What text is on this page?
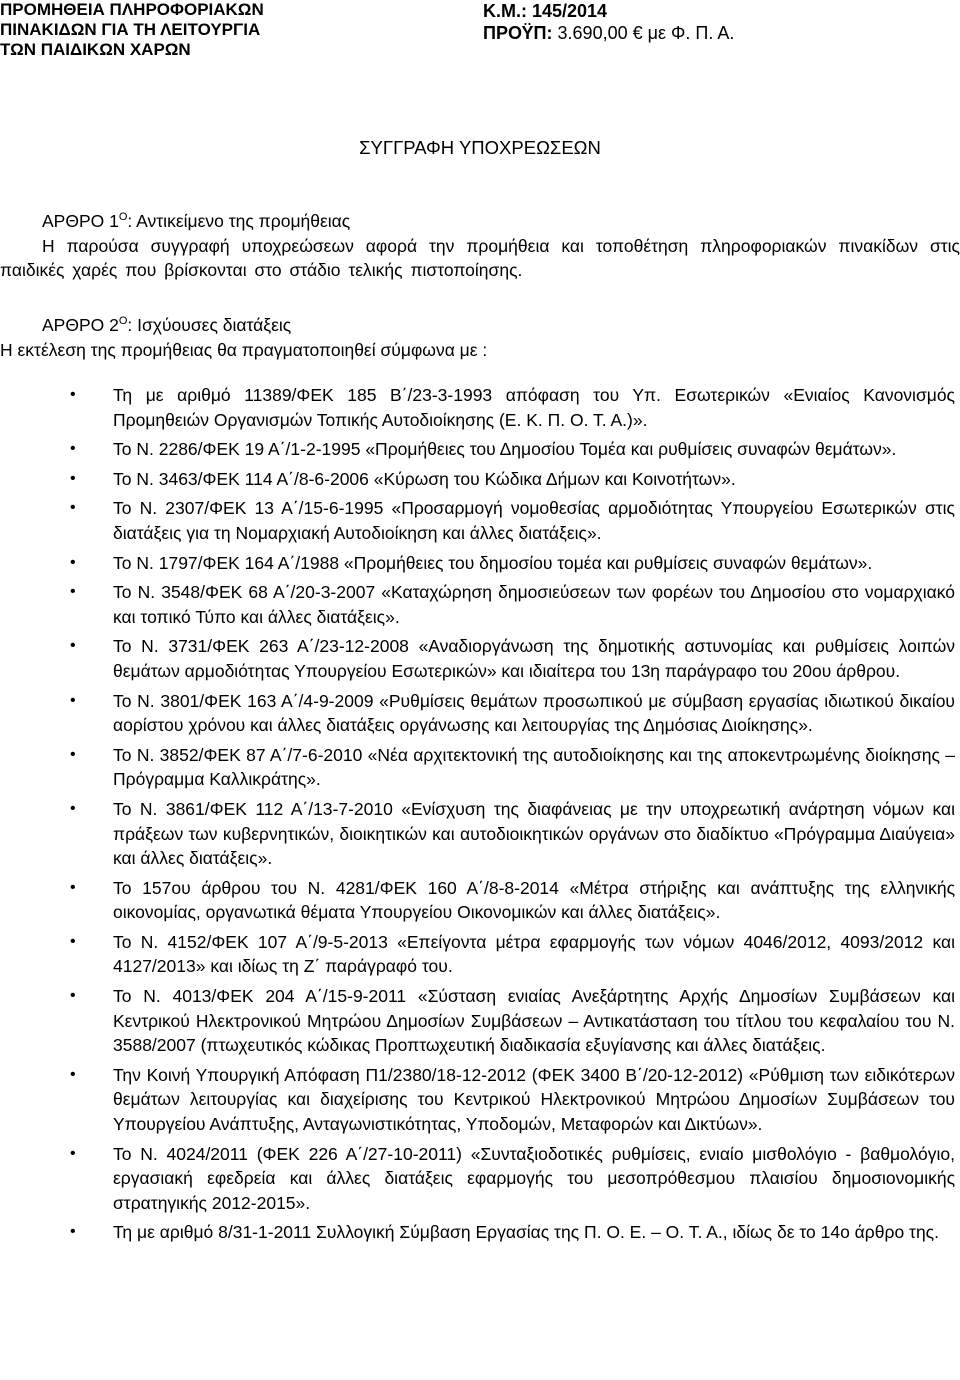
ΠΡΟΜΗΘΕΙΑ ΠΛΗΡΟΦΟΡΙΑΚΩΝ
ΠΙΝΑΚΙΔΩΝ ΓΙΑ ΤΗ ΛΕΙΤΟΥΡΓΙΑ
ΤΩΝ ΠΑΙΔΙΚΩΝ ΧΑΡΩΝ
Κ.Μ.: 145/2014
ΠΡΟΫΠ: 3.690,00 € με Φ. Π. Α.
ΣΥΓΓΡΑΦΗ ΥΠΟΧΡΕΩΣΕΩΝ
ΑΡΘΡΟ $1^O$: Αντικείμενο της προμήθειας
Η παρούσα συγγραφή υποχρεώσεων αφορά την προμήθεια και τοποθέτηση πληροφοριακών πινακίδων στις παιδικές χαρές που βρίσκονται στο στάδιο τελικής πιστοποίησης.
ΑΡΘΡΟ $2^O$: Ισχύουσες διατάξεις
Η εκτέλεση της προμήθειας θα πραγματοποιηθεί σύμφωνα με :
• Τη με αριθμό 11389/ΦΕΚ 185 Β΄/23-3-1993 απόφαση του Υπ. Εσωτερικών «Ενιαίος Κανονισμός Προμηθειών Οργανισμών Τοπικής Αυτοδιοίκησης (Ε. Κ. Π. Ο. Τ. Α.)».
• Το Ν. 2286/ΦΕΚ 19 Α΄/1-2-1995 «Προμήθειες του Δημοσίου Τομέα και ρυθμίσεις συναφών θεμάτων».
• Το Ν. 3463/ΦΕΚ 114 Α΄/8-6-2006 «Κύρωση του Κώδικα Δήμων και Κοινοτήτων».
• Το Ν. 2307/ΦΕΚ 13 Α΄/15-6-1995 «Προσαρμογή νομοθεσίας αρμοδιότητας Υπουργείου Εσωτερικών στις διατάξεις για τη Νομαρχιακή Αυτοδιοίκηση και άλλες διατάξεις».
• Το Ν. 1797/ΦΕΚ 164 Α΄/1988 «Προμήθειες του δημοσίου τομέα και ρυθμίσεις συναφών θεμάτων».
• Το Ν. 3548/ΦΕΚ 68 Α΄/20-3-2007 «Καταχώρηση δημοσιεύσεων των φορέων του Δημοσίου στο νομαρχιακό και τοπικό Τύπο και άλλες διατάξεις».
• Το Ν. 3731/ΦΕΚ 263 Α΄/23-12-2008 «Αναδιοργάνωση της δημοτικής αστυνομίας και ρυθμίσεις λοιπών θεμάτων αρμοδιότητας Υπουργείου Εσωτερικών» και ιδιαίτερα του 13η παράγραφο του 20ου άρθρου.
• Το Ν. 3801/ΦΕΚ 163 Α΄/4-9-2009 «Ρυθμίσεις θεμάτων προσωπικού με σύμβαση εργασίας ιδιωτικού δικαίου αορίστου χρόνου και άλλες διατάξεις οργάνωσης και λειτουργίας της Δημόσιας Διοίκησης».
• Το Ν. 3852/ΦΕΚ 87 Α΄/7-6-2010 «Νέα αρχιτεκτονική της αυτοδιοίκησης και της αποκεντρωμένης διοίκησης – Πρόγραμμα Καλλικράτης».
• Το Ν. 3861/ΦΕΚ 112 Α΄/13-7-2010 «Ενίσχυση της διαφάνειας με την υποχρεωτική ανάρτηση νόμων και πράξεων των κυβερνητικών, διοικητικών και αυτοδιοικητικών οργάνων στο διαδίκτυο «Πρόγραμμα Διαύγεια» και άλλες διατάξεις».
• Το 157ου άρθρου του Ν. 4281/ΦΕΚ 160 Α΄/8-8-2014 «Μέτρα στήριξης και ανάπτυξης της ελληνικής οικονομίας, οργανωτικά θέματα Υπουργείου Οικονομικών και άλλες διατάξεις».
• Το Ν. 4152/ΦΕΚ 107 Α΄/9-5-2013 «Επείγοντα μέτρα εφαρμογής των νόμων 4046/2012, 4093/2012 και 4127/2013» και ιδίως τη Ζ΄ παράγραφό του.
• Το Ν. 4013/ΦΕΚ 204 Α΄/15-9-2011 «Σύσταση ενιαίας Ανεξάρτητης Αρχής Δημοσίων Συμβάσεων και Κεντρικού Ηλεκτρονικού Μητρώου Δημοσίων Συμβάσεων – Αντικατάσταση του τίτλου του κεφαλαίου του Ν. 3588/2007 (πτωχευτικός κώδικας Προπτωχευτική διαδικασία εξυγίανσης και άλλες διατάξεις.
• Την Κοινή Υπουργική Απόφαση Π1/2380/18-12-2012 (ΦΕΚ 3400 Β΄/20-12-2012) «Ρύθμιση των ειδικότερων θεμάτων λειτουργίας και διαχείρισης του Κεντρικού Ηλεκτρονικού Μητρώου Δημοσίων Συμβάσεων του Υπουργείου Ανάπτυξης, Ανταγωνιστικότητας, Υποδομών, Μεταφορών και Δικτύων».
• Το Ν. 4024/2011 (ΦΕΚ 226 Α΄/27-10-2011) «Συνταξιοδοτικές ρυθμίσεις, ενιαίο μισθολόγιο - βαθμολόγιο, εργασιακή εφεδρεία και άλλες διατάξεις εφαρμογής του μεσοπρόθεσμου πλαισίου δημοσιονομικής στρατηγικής 2012-2015».
• Τη με αριθμό 8/31-1-2011 Συλλογική Σύμβαση Εργασίας της Π. Ο. Ε. – Ο. Τ. Α., ιδίως δε το 14ο άρθρο της.
